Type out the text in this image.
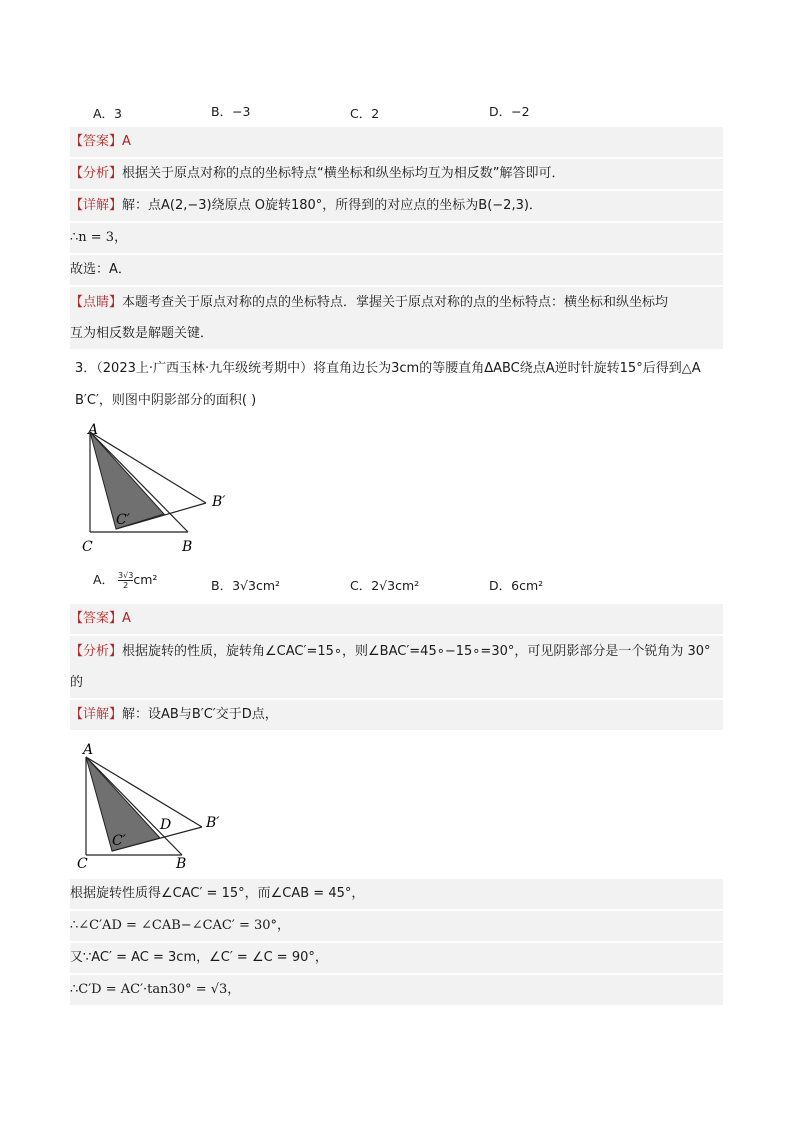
A．3	B．−3	C．2	D．−2
【答案】A
【分析】根据关于原点对称的点的坐标特点“横坐标和纵坐标均互为相反数”解答即可．
【详解】解：点A(2,−3)绕原点 O旋转180°，所得到的对应点的坐标为B(−2,3)．
∴n = 3，
故选：A．
【点睛】本题考查关于原点对称的点的坐标特点．掌握关于原点对称的点的坐标特点：横坐标和纵坐标均
互为相反数是解题关键．
3．（2023上·广西玉林·九年级统考期中）将直角边长为3cm的等腰直角ΔABC绕点A逆时针旋转15°后得到△A
B′C′，则图中阴影部分的面积( )
A
B′
C′
C	B
A． $\frac{3√3}{2} cm^2$	B．3√3cm²	C．2√3cm²	D．6cm²
【答案】A
【分析】根据旋转的性质，旋转角∠CAC′=15∘，则∠BAC′=45∘−15∘=30°，可见阴影部分是一个锐角为 30°的
【详解】解：设AB与B′C′交于D点，
A
D B′
C′
C	B
根据旋转性质得∠CAC′ = 15°，而∠CAB = 45°，
∴∠C′AD = ∠CAB−∠CAC′ = 30°，
又∵AC′ = AC = 3cm，∠C′ = ∠C = 90°，
∴C′D = AC′·tan30° = √3，
